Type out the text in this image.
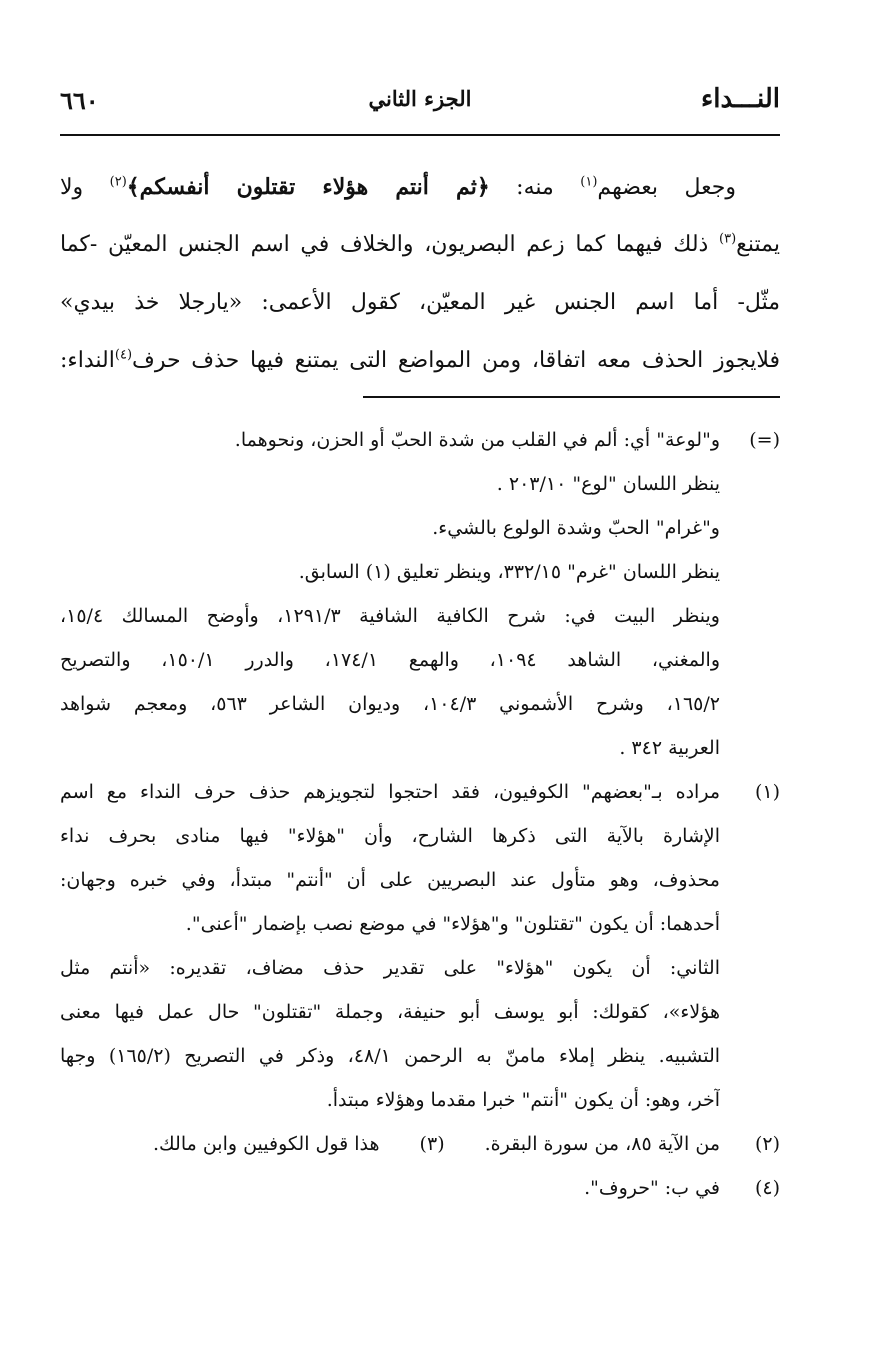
النـــداء
الجزء الثاني
٦٦٠
وجعل بعضهم$^{(١)}$ منه: ﴿ثم أنتم هؤلاء تقتلون أنفسكم﴾$^{(٢)}$ ولا
يمتنع$^{(٣)}$ ذلك فيهما كما زعم البصريون، والخلاف في اسم الجنس المعيّن -كما
مثّل- أما اسم الجنس غير المعيّن، كقول الأعمى: «يارجلا خذ بيدي»
فلايجوز الحذف معه اتفاقا، ومن المواضع التى يمتنع فيها حذف حرف$^{(٤)}$النداء:
(=)
و"لوعة" أي: ألم في القلب من شدة الحبّ أو الحزن، ونحوهما.
ينظر اللسان "لوع" ٢٠٣/١٠ .
و"غرام" الحبّ وشدة الولوع بالشيء.
ينظر اللسان "غرم" ٣٣٢/١٥، وينظر تعليق (١) السابق.
وينظر البيت في: شرح الكافية الشافية ١٢٩١/٣، وأوضح المسالك ١٥/٤،
والمغني، الشاهد ١٠٩٤، والهمع ١٧٤/١، والدرر ١٥٠/١، والتصريح
١٦٥/٢، وشرح الأشموني ١٠٤/٣، وديوان الشاعر ٥٦٣، ومعجم شواهد
العربية ٣٤٢ .
(١)
مراده بـ"بعضهم" الكوفيون، فقد احتجوا لتجويزهم حذف حرف النداء مع اسم
الإشارة بالآية التى ذكرها الشارح، وأن "هؤلاء" فيها منادى بحرف نداء
محذوف، وهو متأول عند البصريين على أن "أنتم" مبتدأ، وفي خبره وجهان:
أحدهما: أن يكون "تقتلون" و"هؤلاء" في موضع نصب بإضمار "أعنى".
الثاني: أن يكون "هؤلاء" على تقدير حذف مضاف، تقديره: «أنتم مثل
هؤلاء»، كقولك: أبو يوسف أبو حنيفة، وجملة "تقتلون" حال عمل فيها معنى
التشبيه. ينظر إملاء مامنّ به الرحمن ٤٨/١، وذكر في التصريح (١٦٥/٢) وجها
آخر، وهو: أن يكون "أنتم" خبرا مقدما وهؤلاء مبتدأ.
(٢)
من الآية ٨٥، من سورة البقرة.(٣)هذا قول الكوفيين وابن مالك.
(٤)
في ب: "حروف".
